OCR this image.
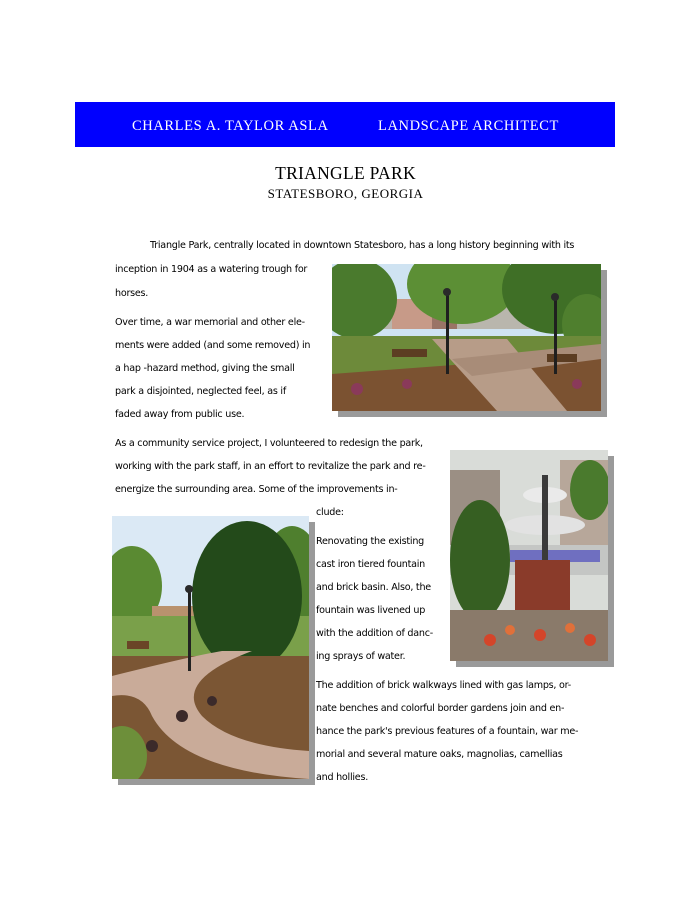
CHARLES A. TAYLOR ASLA	LANDSCAPE ARCHITECT
TRIANGLE PARK
STATESBORO, GEORGIA
Triangle Park, centrally located in downtown Statesboro, has a long history beginning with its
inception in 1904 as a watering trough for
horses.
Over time, a war memorial and other ele-
ments were added (and some removed) in
a hap -hazard method, giving the small
park a disjointed, neglected feel, as if
faded away from public use.
As a community service project, I volunteered to redesign the park,
working with the park staff, in an effort to revitalize the park and re-
energize the surrounding area. Some of the improvements in-
clude:
Renovating the existing
cast iron tiered fountain
and brick basin. Also, the
fountain was livened up
with the addition of danc-
ing sprays of water.
The addition of brick walkways lined with gas lamps, or-
nate benches and colorful border gardens join and en-
hance the park's previous features of a fountain, war me-
morial and several mature oaks, magnolias, camellias
and hollies.
